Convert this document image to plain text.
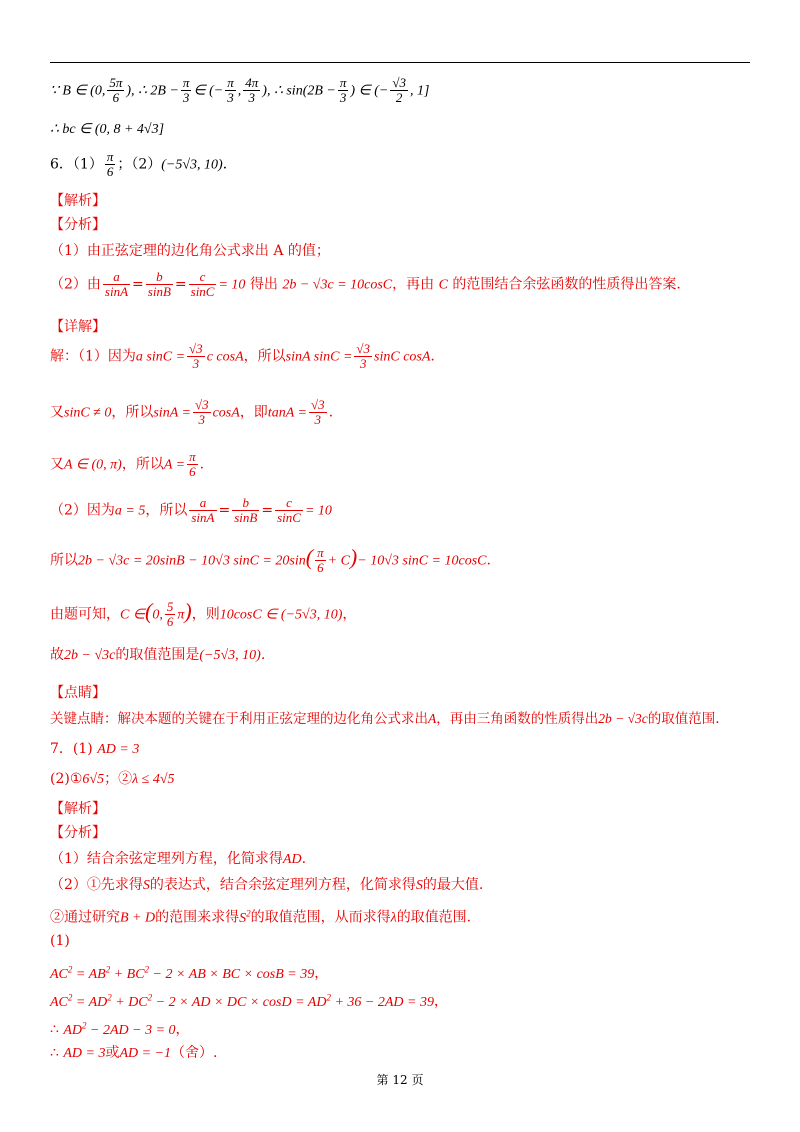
∵ B ∈ (0, $\frac{5\pi}{6}$ ), ∴ $2B - \frac{\pi}{3}$ ∈ (− $\frac{\pi}{3}$ , $\frac{4\pi}{3}$ ), ∴ $\sin(2B - \frac{\pi}{3}$ ) ∈ (− $\frac{√3}{2}$ , 1]
∴ bc ∈ (0, 8 + 4√3]
6．$(1) \frac{\pi}{6}$ ；（2）(−5√3, 10)．
【解析】
【分析】
（1）由正弦定理的边化角公式求出 A 的值；
（2）由 $\frac{a}{\sin A} = \frac{b}{\sin B} = \frac{c}{\sin C} = 10$ 得出 2b − √3c = 10cosC，再由 C 的范围结合余弦函数的性质得出答案.
【详解】
解：（1）因为a $\sin C = \frac{√3}{3}$ c cosA，所以sinA $\sin C = \frac{√3}{3}$ sinC cosA.
又sinC ≠ 0，所以$\sin A = \frac{√3}{3}$ cosA，即$\tan A = \frac{√3}{3}$ .
又A ∈ (0, π)，所以$A = \frac{\pi}{6}$ .
（2）因为a = 5，所以 $\frac{a}{\sin A} = \frac{b}{\sin B} = \frac{c}{\sin C} = 10$
所以2b − √3c = 20sinB − 10√3 $\sin C = 20\sin( \frac{\pi}{6} + C)- 10√3$ sinC = 10cosC.
由题可知，C ∈(0, $\frac{5}{6} \pi$)，则10cosC ∈ (−5√3, 10)，
故2b − √3c的取值范围是(−5√3, 10).
【点睛】
关键点睛：解决本题的关键在于利用正弦定理的边化角公式求出A，再由三角函数的性质得出2b − √3c的取值范围.
7．(1) AD = 3
(2)①6√5；②λ ≤ 4√5
【解析】
【分析】
（1）结合余弦定理列方程，化简求得AD.
（2）①先求得S的表达式，结合余弦定理列方程，化简求得S的最大值.
②通过研究B + D的范围来求得$S^2$的取值范围，从而求得λ的取值范围.
(1)
$AC^2 = AB^2 + BC^2 - 2$ × AB × BC × cosB = 39，
$AC^2 = AD^2 + DC^2 - 2$ × AD × DC × $\cos D = AD^2 + 36 - 2AD = 39$，
∴ $AD^2 - 2AD - 3 = 0$，
∴ AD = 3或AD = −1（舍）.
第 12 页
